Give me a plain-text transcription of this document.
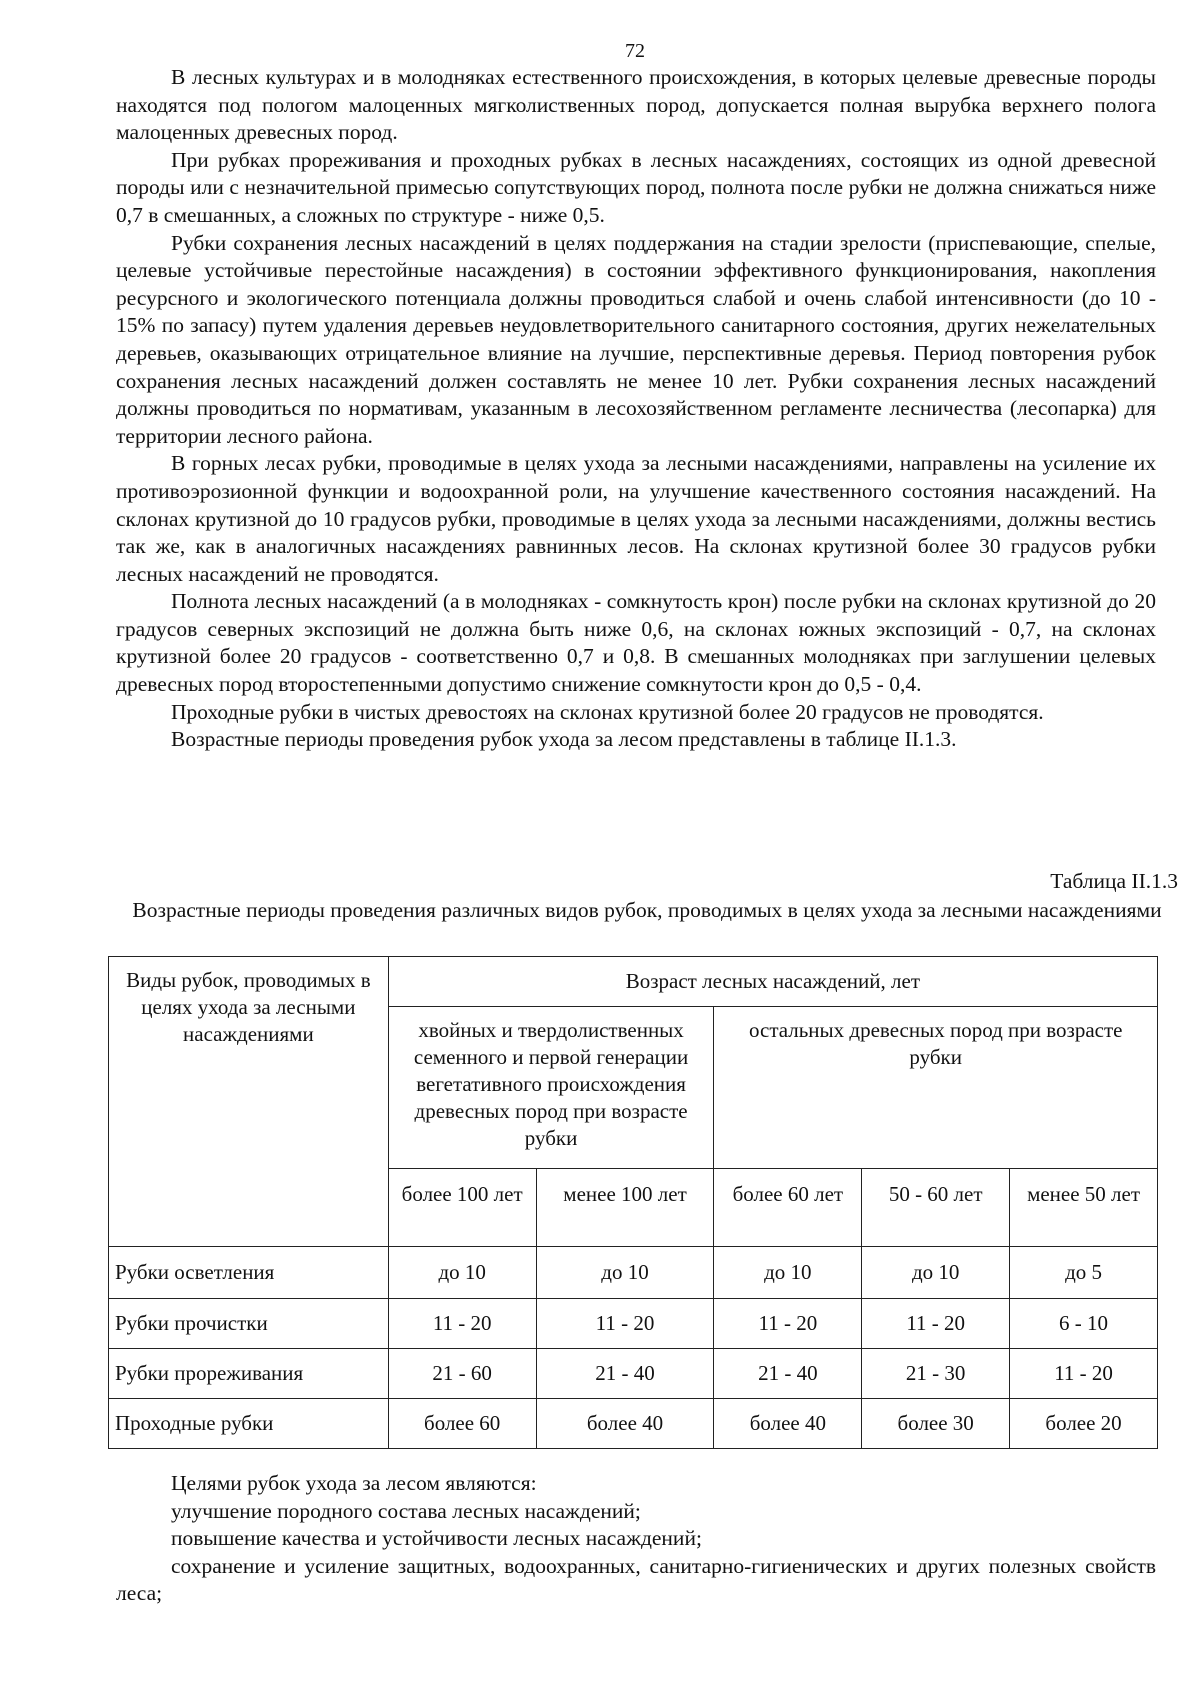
72

В лесных культурах и в молодняках естественного происхождения, в которых целевые древесные породы находятся под пологом малоценных мягколиственных пород, допускается полная вырубка верхнего полога малоценных древесных пород.

При рубках прореживания и проходных рубках в лесных насаждениях, состоящих из одной древесной породы или с незначительной примесью сопутствующих пород, полнота после рубки не должна снижаться ниже 0,7 в смешанных, а сложных по структуре - ниже 0,5.

Рубки сохранения лесных насаждений в целях поддержания на стадии зрелости (приспевающие, спелые, целевые устойчивые перестойные насаждения) в состоянии эффективного функционирования, накопления ресурсного и экологического потенциала должны проводиться слабой и очень слабой интенсивности (до 10 - 15% по запасу) путем удаления деревьев неудовлетворительного санитарного состояния, других нежелательных деревьев, оказывающих отрицательное влияние на лучшие, перспективные деревья. Период повторения рубок сохранения лесных насаждений должен составлять не менее 10 лет. Рубки сохранения лесных насаждений должны проводиться по нормативам, указанным в лесохозяйственном регламенте лесничества (лесопарка) для территории лесного района.

В горных лесах рубки, проводимые в целях ухода за лесными насаждениями, направлены на усиление их противоэрозионной функции и водоохранной роли, на улучшение качественного состояния насаждений. На склонах крутизной до 10 градусов рубки, проводимые в целях ухода за лесными насаждениями, должны вестись так же, как в аналогичных насаждениях равнинных лесов. На склонах крутизной более 30 градусов рубки лесных насаждений не проводятся.

Полнота лесных насаждений (а в молодняках - сомкнутость крон) после рубки на склонах крутизной до 20 градусов северных экспозиций не должна быть ниже 0,6, на склонах южных экспозиций - 0,7, на склонах крутизной более 20 градусов - соответственно 0,7 и 0,8. В смешанных молодняках при заглушении целевых древесных пород второстепенными допустимо снижение сомкнутости крон до 0,5 - 0,4.

Проходные рубки в чистых древостоях на склонах крутизной более 20 градусов не проводятся.

Возрастные периоды проведения рубок ухода за лесом представлены в таблице II.1.3.

Таблица II.1.3
Возрастные периоды проведения различных видов рубок, проводимых в целях ухода за лесными насаждениями
Виды рубок, проводимых в целях ухода за лесными насаждениями	Возраст лесных насаждений, лет				
	хвойных и твердолиственных семенного и первой генерации вегетативного происхождения древесных пород при возрасте рубки		остальных древесных пород при возрасте рубки		
	более 100 лет	менее 100 лет	более 60 лет	50 - 60 лет	менее 50 лет
Рубки осветления	до 10	до 10	до 10	до 10	до 5
Рубки прочистки	11 - 20	11 - 20	11 - 20	11 - 20	6 - 10
Рубки прореживания	21 - 60	21 - 40	21 - 40	21 - 30	11 - 20
Проходные рубки	более 60	более 40	более 40	более 30	более 20

Целями рубок ухода за лесом являются:

улучшение породного состава лесных насаждений;

повышение качества и устойчивости лесных насаждений;

сохранение и усиление защитных, водоохранных, санитарно-гигиенических и других полезных свойств леса;
